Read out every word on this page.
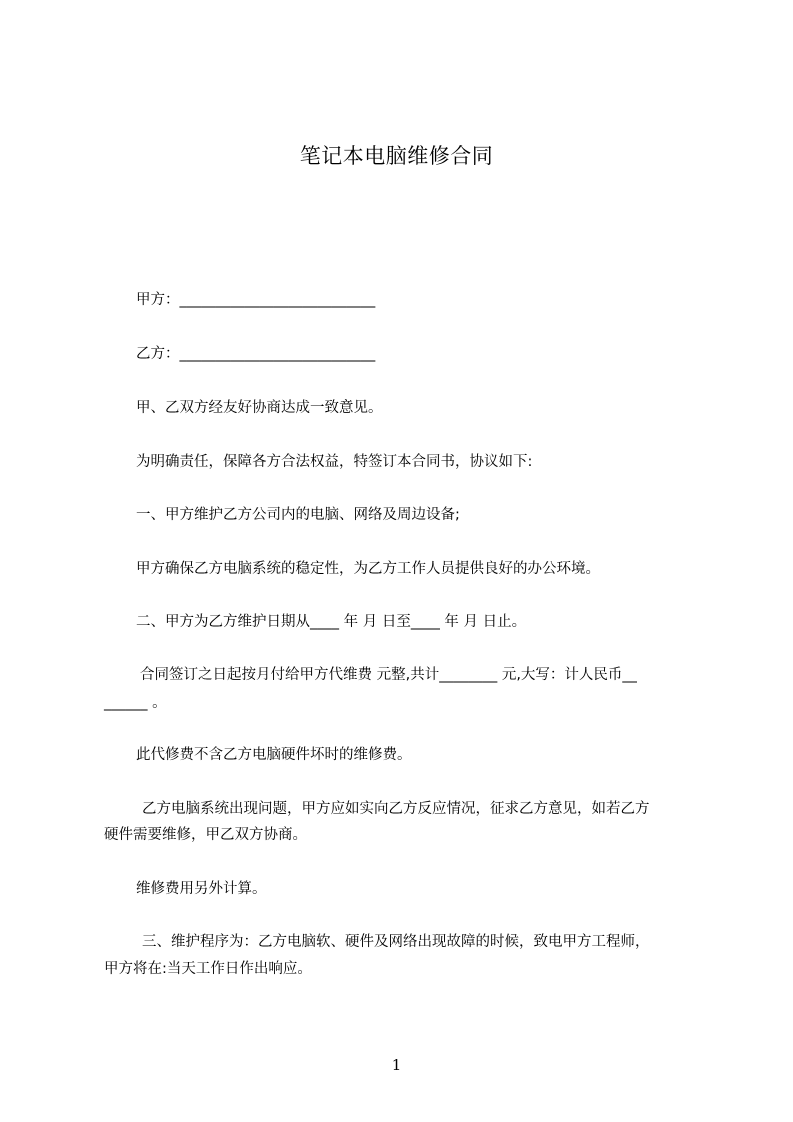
笔记本电脑维修合同
甲方：___________________________
乙方：___________________________
甲、乙双方经友好协商达成一致意见。
为明确责任，保障各方合法权益，特签订本合同书，协议如下:
一、甲方维护乙方公司内的电脑、网络及周边设备;
甲方确保乙方电脑系统的稳定性，为乙方工作人员提供良好的办公环境。
二、甲方为乙方维护日期从____ 年 月 日至____ 年 月 日止。
合同签订之日起按月付给甲方代维费 元整,共计________ 元,大写：计人民币__
______ 。
此代修费不含乙方电脑硬件坏时的维修费。
乙方电脑系统出现问题，甲方应如实向乙方反应情况，征求乙方意见，如若乙方
硬件需要维修，甲乙双方协商。
维修费用另外计算。
三、维护程序为：乙方电脑软、硬件及网络出现故障的时候，致电甲方工程师，
甲方将在:当天工作日作出响应。
1
